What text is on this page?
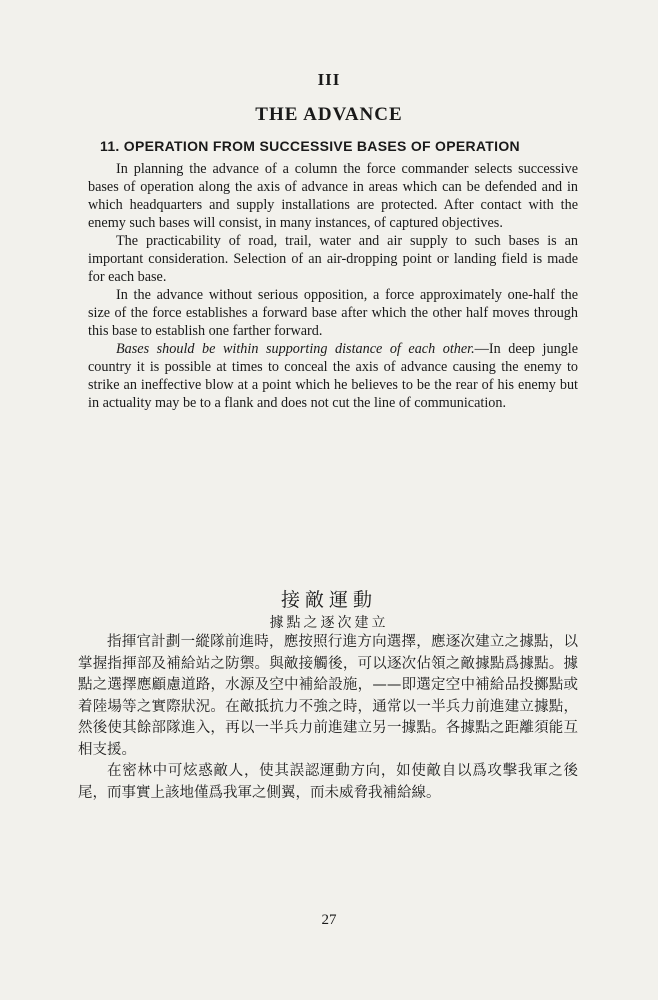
III
THE ADVANCE
11. OPERATION FROM SUCCESSIVE BASES OF OPERATION

In planning the advance of a column the force commander selects successive bases of operation along the axis of advance in areas which can be defended and in which headquarters and supply installations are protected. After contact with the enemy such bases will consist, in many instances, of captured objectives.

The practicability of road, trail, water and air supply to such bases is an important consideration. Selection of an air-dropping point or landing field is made for each base.

In the advance without serious opposition, a force approximately one-half the size of the force establishes a forward base after which the other half moves through this base to establish one farther forward.

Bases should be within supporting distance of each other.—In deep jungle country it is possible at times to conceal the axis of advance causing the enemy to strike an ineffective blow at a point which he believes to be the rear of his enemy but in actuality may be to a flank and does not cut the line of communication.

接敵運動
據點之逐次建立

指揮官計劃一縱隊前進時，應按照行進方向選擇，應逐次建立之據點，以掌握指揮部及補給站之防禦。與敵接觸後，可以逐次佔領之敵據點爲據點。據點之選擇應顧慮道路，水源及空中補給設施，——即選定空中補給品投擲點或着陸場等之實際狀況。在敵抵抗力不強之時，通常以一半兵力前進建立據點，然後使其餘部隊進入，再以一半兵力前進建立另一據點。各據點之距離須能互相支援。

在密林中可炫惑敵人，使其誤認運動方向，如使敵自以爲攻擊我軍之後尾，而事實上該地僅爲我軍之側翼，而未威脅我補給線。

27
